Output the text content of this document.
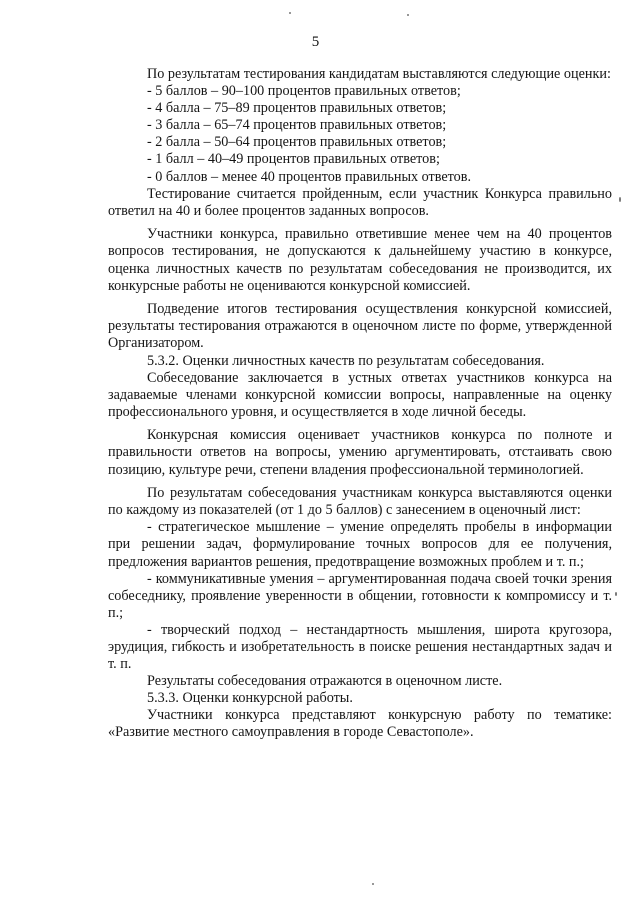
5

По результатам тестирования кандидатам выставляются следующие оценки:

- 5 баллов – 90–100 процентов правильных ответов;

- 4 балла – 75–89 процентов правильных ответов;

- 3 балла – 65–74 процентов правильных ответов;

- 2 балла – 50–64 процентов правильных ответов;

- 1 балл – 40–49 процентов правильных ответов;

- 0 баллов – менее 40 процентов правильных ответов.

Тестирование считается пройденным, если участник Конкурса правильно ответил на 40 и более процентов заданных вопросов.

Участники конкурса, правильно ответившие менее чем на 40 процентов вопросов тестирования, не допускаются к дальнейшему участию в конкурсе, оценка личностных качеств по результатам собеседования не производится, их конкурсные работы не оцениваются конкурсной комиссией.

Подведение итогов тестирования осуществления конкурсной комиссией, результаты тестирования отражаются в оценочном листе по форме, утвержденной Организатором.

5.3.2. Оценки личностных качеств по результатам собеседования.

Собеседование заключается в устных ответах участников конкурса на задаваемые членами конкурсной комиссии вопросы, направленные на оценку профессионального уровня, и осуществляется в ходе личной беседы.

Конкурсная комиссия оценивает участников конкурса по полноте и правильности ответов на вопросы, умению аргументировать, отстаивать свою позицию, культуре речи, степени владения профессиональной терминологией.

По результатам собеседования участникам конкурса выставляются оценки по каждому из показателей (от 1 до 5 баллов) с занесением в оценочный лист:

- стратегическое мышление – умение определять пробелы в информации при решении задач, формулирование точных вопросов для ее получения, предложения вариантов решения, предотвращение возможных проблем и т. п.;

- коммуникативные умения – аргументированная подача своей точки зрения собеседнику, проявление уверенности в общении, готовности к компромиссу и т. п.;

- творческий подход – нестандартность мышления, широта кругозора, эрудиция, гибкость и изобретательность в поиске решения нестандартных задач и т. п.

Результаты собеседования отражаются в оценочном листе.

5.3.3. Оценки конкурсной работы.

Участники конкурса представляют конкурсную работу по тематике: «Развитие местного самоуправления в городе Севастополе».
